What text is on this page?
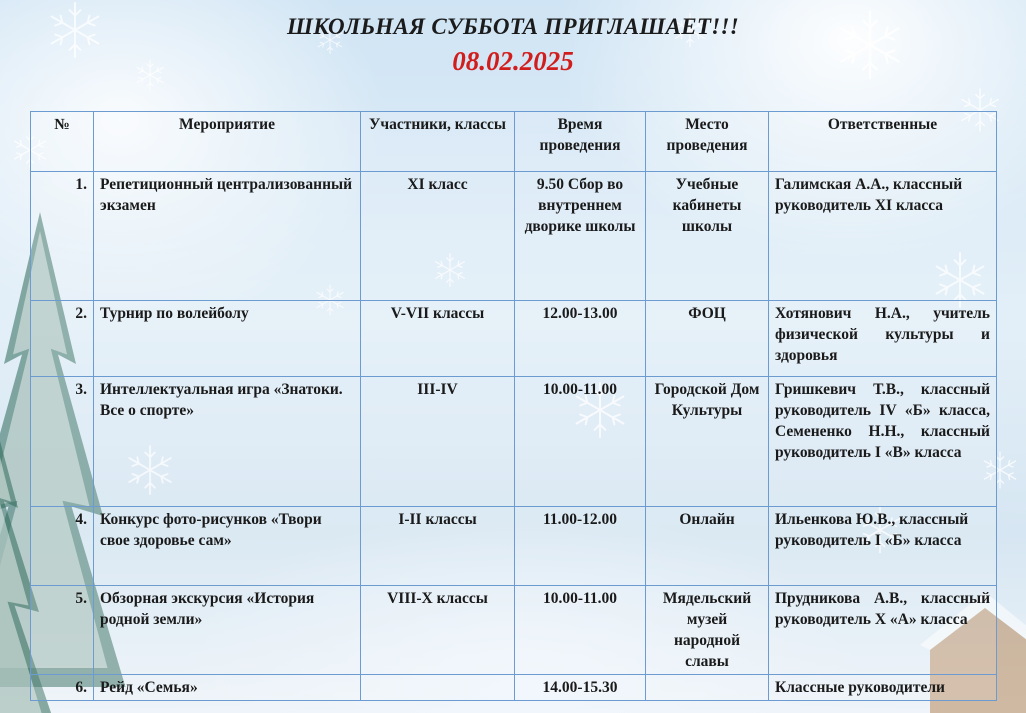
ШКОЛЬНАЯ СУББОТА ПРИГЛАШАЕТ!!!
08.02.2025
№	Мероприятие	Участники, классы	Время проведения	Место проведения	Ответственные
1.	Репетиционный централизованный экзамен	XI класс	9.50 Сбор во внутреннем дворике школы	Учебные кабинеты школы	Галимская А.А., классный руководитель XI класса
2.	Турнир по волейболу	V-VII классы	12.00-13.00	ФОЦ	Хотянович Н.А., учитель физической культуры и здоровья
3.	Интеллектуальная игра «Знатоки. Все о спорте»	III-IV	10.00-11.00	Городской Дом Культуры	Гришкевич Т.В., классный руководитель IV «Б» класса, Семененко Н.Н., классный руководитель I «В» класса
4.	Конкурс фото-рисунков «Твори свое здоровье сам»	I-II классы	11.00-12.00	Онлайн	Ильенкова Ю.В., классный руководитель I «Б» класса
5.	Обзорная экскурсия «История родной земли»	VIII-X классы	10.00-11.00	Мядельский музей народной славы	Прудникова А.В., классный руководитель X «А» класса
6.	Рейд «Семья»		14.00-15.30		Классные руководители
